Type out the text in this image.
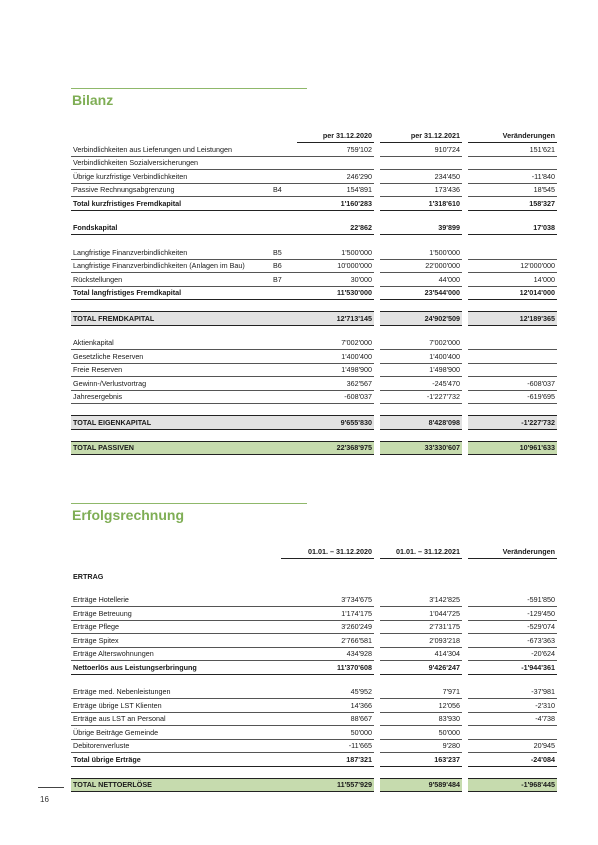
Bilanz
		per 31.12.2020		per 31.12.2021		Veränderungen
Verbindlichkeiten aus Lieferungen und Leistungen		759'102		910'724		151'621
Verbindlichkeiten Sozialversicherungen						
Übrige kurzfristige Verbindlichkeiten		246'290		234'450		-11'840
Passive Rechnungsabgrenzung	B4	154'891		173'436		18'545
Total kurzfristiges Fremdkapital		1'160'283		1'318'610		158'327

Fondskapital		22'862		39'899		17'038

Langfristige Finanzverbindlichkeiten	B5	1'500'000		1'500'000		
Langfristige Finanzverbindlichkeiten (Anlagen im Bau)	B6	10'000'000		22'000'000		12'000'000
Rückstellungen	B7	30'000		44'000		14'000
Total langfristiges Fremdkapital		11'530'000		23'544'000		12'014'000

TOTAL FREMDKAPITAL		12'713'145		24'902'509		12'189'365

Aktienkapital		7'002'000		7'002'000		
Gesetzliche Reserven		1'400'400		1'400'400		
Freie Reserven		1'498'900		1'498'900		
Gewinn-/Verlustvortrag		362'567		-245'470		-608'037
Jahresergebnis		-608'037		-1'227'732		-619'695

TOTAL EIGENKAPITAL		9'655'830		8'428'098		-1'227'732

TOTAL PASSIVEN		22'368'975		33'330'607		10'961'633
Erfolgsrechnung
		01.01. – 31.12.2020		01.01. – 31.12.2021		Veränderungen

ERTRAG						

Erträge Hotellerie		3'734'675		3'142'825		-591'850
Erträge Betreuung		1'174'175		1'044'725		-129'450
Erträge Pflege		3'260'249		2'731'175		-529'074
Erträge Spitex		2'766'581		2'093'218		-673'363
Erträge Alterswohnungen		434'928		414'304		-20'624
Nettoerlös aus Leistungserbringung		11'370'608		9'426'247		-1'944'361

Erträge med. Nebenleistungen		45'952		7'971		-37'981
Erträge übrige LST Klienten		14'366		12'056		-2'310
Erträge aus LST an Personal		88'667		83'930		-4'738
Übrige Beiträge Gemeinde		50'000		50'000		
Debitorenverluste		-11'665		9'280		20'945
Total übrige Erträge		187'321		163'237		-24'084

TOTAL NETTOERLÖSE		11'557'929		9'589'484		-1'968'445
16
